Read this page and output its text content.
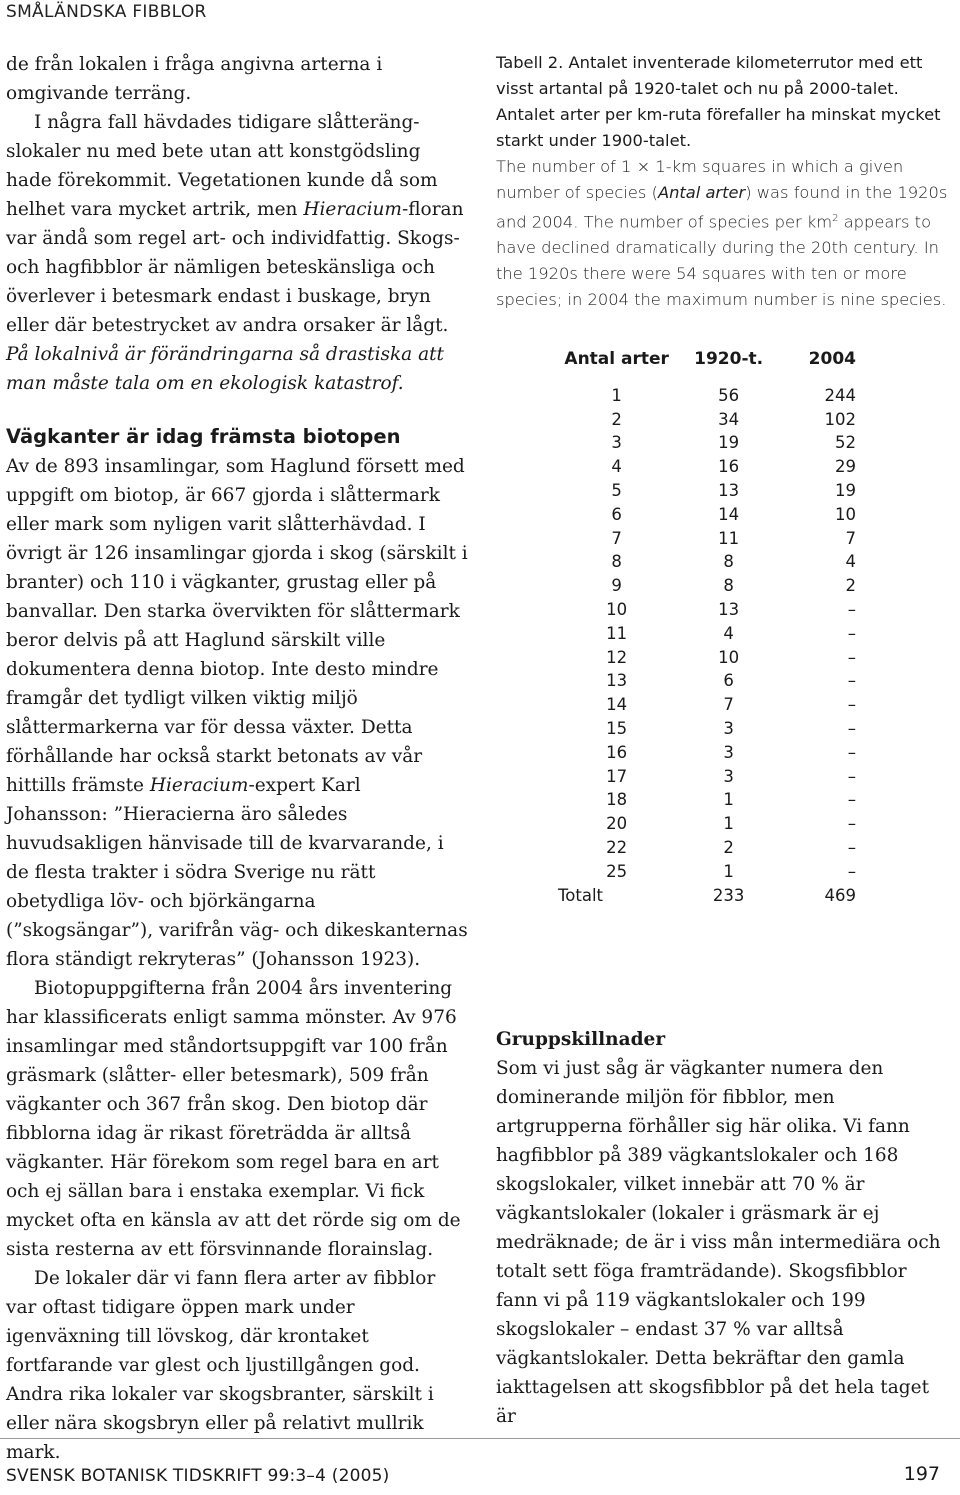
SMÅLÄNDSKA FIBBLOR

de från lokalen i fråga angivna arterna i omgivande terräng.

I några fall hävdades tidigare slåtterängslokaler nu med bete utan att konstgödsling hade förekommit. Vegetationen kunde då som helhet vara mycket artrik, men Hieracium-floran var ändå som regel art- och individfattig. Skogs- och hagfibblor är nämligen beteskänsliga och överlever i betesmark endast i buskage, bryn eller där betestrycket av andra orsaker är lågt.

På lokalnivå är förändringarna så drastiska att man måste tala om en ekologisk katastrof.

Vägkanter är idag främsta biotopen

Av de 893 insamlingar, som Haglund försett med uppgift om biotop, är 667 gjorda i slåttermark eller mark som nyligen varit slåtterhävdad. I övrigt är 126 insamlingar gjorda i skog (särskilt i branter) och 110 i vägkanter, grustag eller på banvallar. Den starka övervikten för slåttermark beror delvis på att Haglund särskilt ville dokumentera denna biotop. Inte desto mindre framgår det tydligt vilken viktig miljö slåttermarkerna var för dessa växter. Detta förhållande har också starkt betonats av vår hittills främste Hieracium-expert Karl Johansson: ”Hieracierna äro således huvudsakligen hänvisade till de kvarvarande, i de flesta trakter i södra Sverige nu rätt obetydliga löv- och björkängarna (”skogsängar”), varifrån väg- och dikeskanternas flora ständigt rekryteras” (Johansson 1923).

Biotopuppgifterna från 2004 års inventering har klassificerats enligt samma mönster. Av 976 insamlingar med ståndortsuppgift var 100 från gräsmark (slåtter- eller betesmark), 509 från vägkanter och 367 från skog. Den biotop där fibblorna idag är rikast företrädda är alltså vägkanter. Här förekom som regel bara en art och ej sällan bara i enstaka exemplar. Vi fick mycket ofta en känsla av att det rörde sig om de sista resterna av ett försvinnande florainslag.

De lokaler där vi fann flera arter av fibblor var oftast tidigare öppen mark under igenväxning till lövskog, där krontaket fortfarande var glest och ljustillgången god. Andra rika lokaler var skogsbranter, särskilt i eller nära skogsbryn eller på relativt mullrik mark.

Tabell 2. Antalet inventerade kilometerrutor med ett visst artantal på 1920-talet och nu på 2000-talet. Antalet arter per km-ruta förefaller ha minskat mycket starkt under 1900-talet.

The number of 1 × 1-km squares in which a given number of species (Antal arter) was found in the 1920s and 2004. The number of species per $km^2$ appears to have declined dramatically during the 20th century. In the 1920s there were 54 squares with ten or more species; in 2004 the maximum number is nine species.

Antal arter	1920-t.	2004
1	56	244
2	34	102
3	19	52
4	16	29
5	13	19
6	14	10
7	11	7
8	8	4
9	8	2
10	13	–
11	4	–
12	10	–
13	6	–
14	7	–
15	3	–
16	3	–
17	3	–
18	1	–
20	1	–
22	2	–
25	1	–
Totalt	233	469

Gruppskillnader

Som vi just såg är vägkanter numera den dominerande miljön för fibblor, men artgrupperna förhåller sig här olika. Vi fann hagfibblor på 389 vägkantslokaler och 168 skogslokaler, vilket innebär att 70 % är vägkantslokaler (lokaler i gräsmark är ej medräknade; de är i viss mån intermediära och totalt sett föga framträdande). Skogsfibblor fann vi på 119 vägkantslokaler och 199 skogslokaler – endast 37 % var alltså vägkantslokaler. Detta bekräftar den gamla iakttagelsen att skogsfibblor på det hela taget är

SVENSK BOTANISK TIDSKRIFT 99:3–4 (2005)	197
